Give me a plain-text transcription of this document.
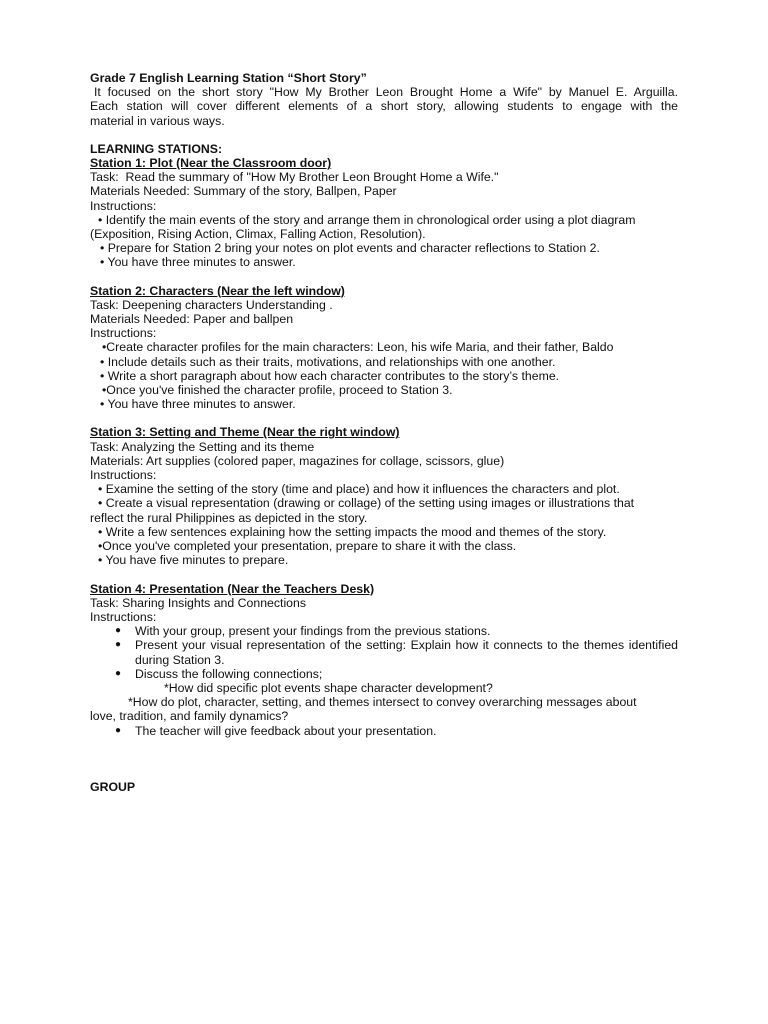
Grade 7 English Learning Station “Short Story”
It focused on the short story "How My Brother Leon Brought Home a Wife" by Manuel E. Arguilla.
Each station will cover different elements of a short story, allowing students to engage with the
material in various ways.
LEARNING STATIONS:
Station 1: Plot (Near the Classroom door)
Task:  Read the summary of "How My Brother Leon Brought Home a Wife."
Materials Needed: Summary of the story, Ballpen, Paper
Instructions:
• Identify the main events of the story and arrange them in chronological order using a plot diagram
(Exposition, Rising Action, Climax, Falling Action, Resolution).
• Prepare for Station 2 bring your notes on plot events and character reflections to Station 2.
• You have three minutes to answer.
Station 2: Characters (Near the left window)
Task: Deepening characters Understanding .
Materials Needed: Paper and ballpen
Instructions:
•Create character profiles for the main characters: Leon, his wife Maria, and their father, Baldo
• Include details such as their traits, motivations, and relationships with one another.
• Write a short paragraph about how each character contributes to the story’s theme.
•Once you've finished the character profile, proceed to Station 3.
• You have three minutes to answer.
Station 3: Setting and Theme (Near the right window)
Task: Analyzing the Setting and its theme
Materials: Art supplies (colored paper, magazines for collage, scissors, glue)
Instructions:
• Examine the setting of the story (time and place) and how it influences the characters and plot.
• Create a visual representation (drawing or collage) of the setting using images or illustrations that
reflect the rural Philippines as depicted in the story.
• Write a few sentences explaining how the setting impacts the mood and themes of the story.
•Once you've completed your presentation, prepare to share it with the class.
• You have five minutes to prepare.
Station 4: Presentation (Near the Teachers Desk)
Task: Sharing Insights and Connections
Instructions:
●	With your group, present your findings from the previous stations.
●	Present your visual representation of the setting: Explain how it connects to the themes identified during Station 3.
●	Discuss the following connections;
*How did specific plot events shape character development?
*How do plot, character, setting, and themes intersect to convey overarching messages about
love, tradition, and family dynamics?
●	The teacher will give feedback about your presentation.
GROUP
